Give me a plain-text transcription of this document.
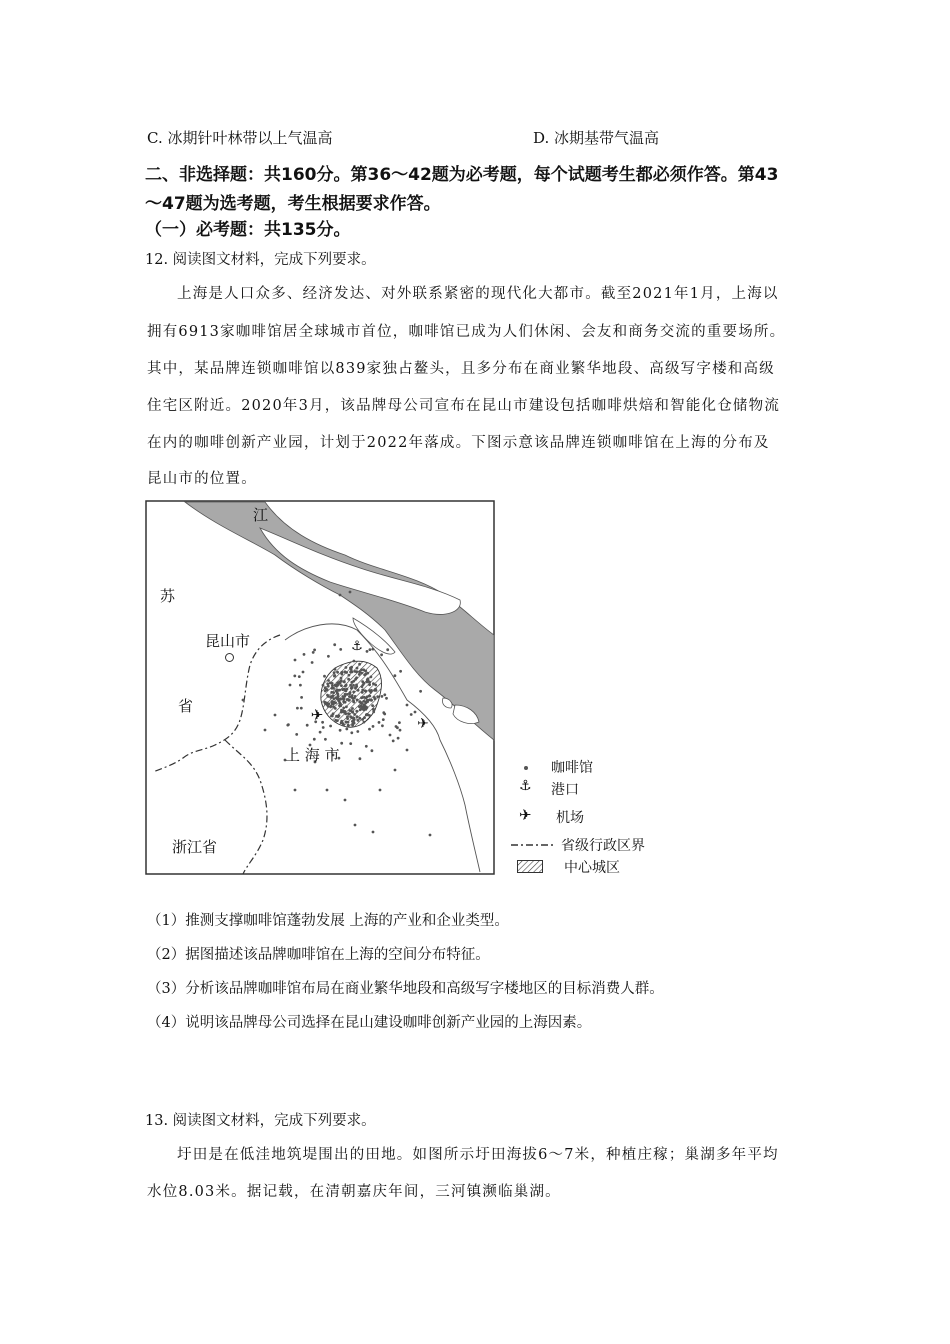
C. 冰期针叶林带以上气温高	D. 冰期基带气温高
二、非选择题：共160分。第36～42题为必考题，每个试题考生都必须作答。第43
～47题为选考题，考生根据要求作答。
（一）必考题：共135分。
12. 阅读图文材料，完成下列要求。
上海是人口众多、经济发达、对外联系紧密的现代化大都市。截至2021年1月，上海以
拥有6913家咖啡馆居全球城市首位，咖啡馆已成为人们休闲、会友和商务交流的重要场所。
其中，某品牌连锁咖啡馆以839家独占鳌头，且多分布在商业繁华地段、高级写字楼和高级
住宅区附近。2020年3月，该品牌母公司宣布在昆山市建设包括咖啡烘焙和智能化仓储物流
在内的咖啡创新产业园，计划于2022年落成。下图示意该品牌连锁咖啡馆在上海的分布及
昆山市的位置。
⚓
✈	✈
江
苏
省
昆山市
上 海 市
浙江省
咖啡馆
⚓ 港口
✈ 机场
省级行政区界
中心城区
（1）推测支撑咖啡馆蓬勃发展 上海的产业和企业类型。
（2）据图描述该品牌咖啡馆在上海的空间分布特征。
（3）分析该品牌咖啡馆布局在商业繁华地段和高级写字楼地区的目标消费人群。
（4）说明该品牌母公司选择在昆山建设咖啡创新产业园的上海因素。
13. 阅读图文材料，完成下列要求。
圩田是在低洼地筑堤围出的田地。如图所示圩田海拔6～7米，种植庄稼；巢湖多年平均
水位8.03米。据记载，在清朝嘉庆年间，三河镇濒临巢湖。
